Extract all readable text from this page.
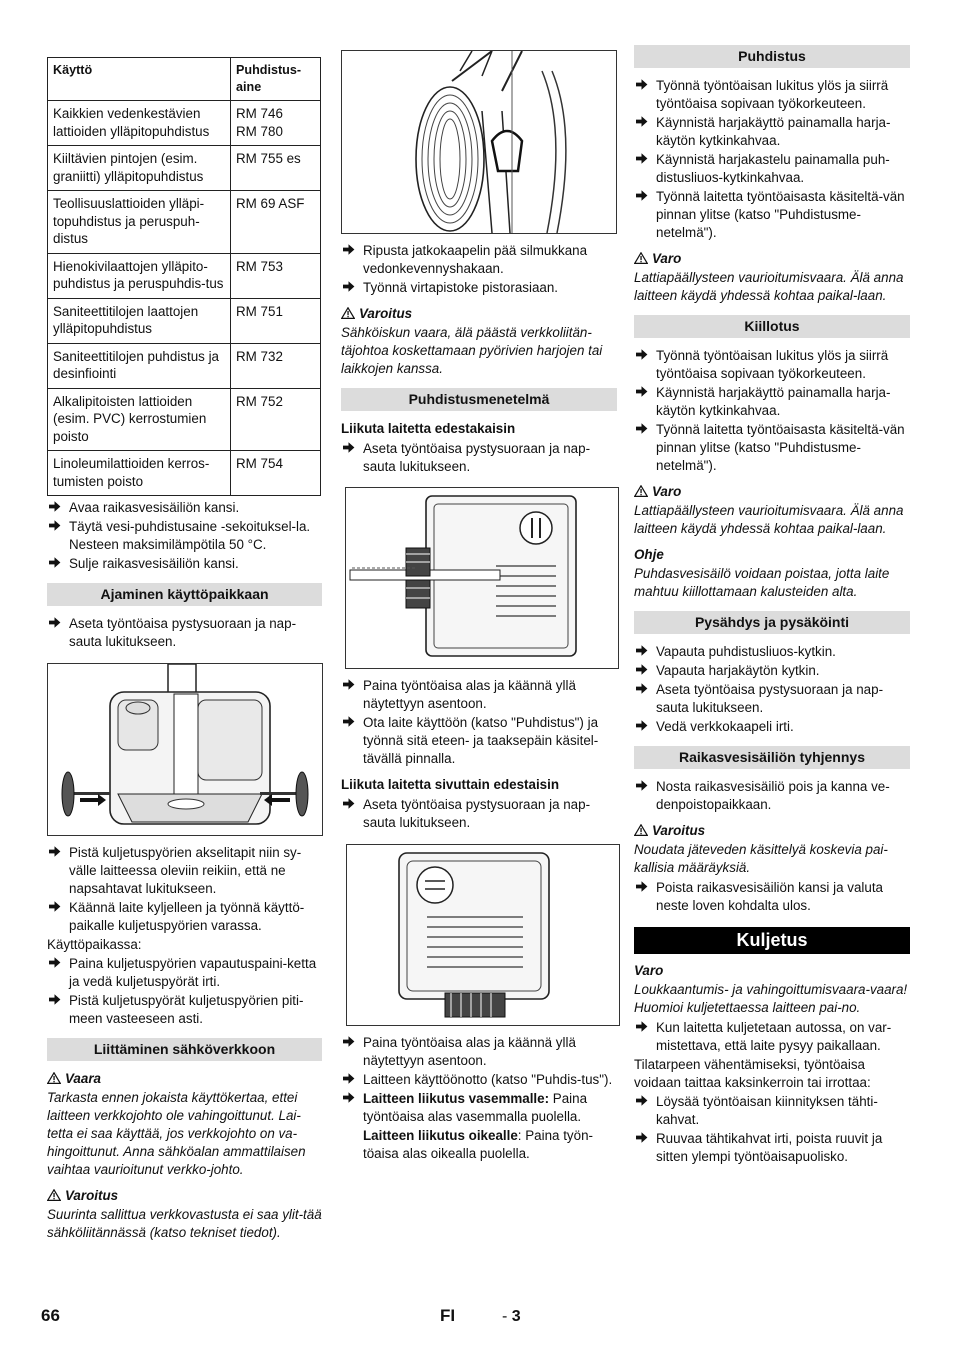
Käyttö	Puhdistus-
aine
Kaikkien vedenkestävien lattioiden ylläpitopuhdistus	RM 746
RM 780
Kiiltävien pintojen (esim. graniitti) ylläpitopuhdistus	RM 755 es
Teollisuuslattioiden ylläpi-topuhdistus ja peruspuh-distus	RM 69 ASF
Hienokivilaattojen ylläpito-puhdistus ja peruspuhdis-tus	RM 753
Saniteettitilojen laattojen ylläpitopuhdistus	RM 751
Saniteettitilojen puhdistus ja desinfiointi	RM 732
Alkalipitoisten lattioiden (esim. PVC) kerrostumien poisto	RM 752
Linoleumilattioiden kerros-tumisten poisto	RM 754
Avaa raikasvesisäiliön kansi.
Täytä vesi-puhdistusaine -sekoituksel-la. Nesteen maksimilämpötila 50 °C.
Sulje raikasvesisäiliön kansi.
Ajaminen käyttöpaikkaan
Aseta työntöaisa pystysuoraan ja nap-sauta lukitukseen.
Pistä kuljetuspyörien akselitapit niin sy-välle laitteessa oleviin reikiin, että ne napsahtavat lukitukseen.
Käännä laite kyljelleen ja työnnä käyttö-paikalle kuljetuspyörien varassa.
Käyttöpaikassa:
Paina kuljetuspyörien vapautuspaini-ketta ja vedä kuljetuspyörät irti.
Pistä kuljetuspyörät kuljetuspyörien piti-meen vasteeseen asti.
Liittäminen sähköverkkoon
Vaara
Tarkasta ennen jokaista käyttökertaa, ettei laitteen verkkojohto ole vahingoittunut. Lai-tetta ei saa käyttää, jos verkkojohto on va-hingoittunut. Anna sähköalan ammattilaisen vaihtaa vaurioitunut verkko-johto.
Varoitus
Suurinta sallittua verkkovastusta ei saa ylit-tää sähköliitännässä (katso tekniset tiedot).
Ripusta jatkokaapelin pää silmukkana vedonkevennyshakaan.
Työnnä virtapistoke pistorasiaan.
Varoitus
Sähköiskun vaara, älä päästä verkkoliitän-täjohtoa koskettamaan pyörivien harjojen tai laikkojen kanssa.
Puhdistusmenetelmä
Liikuta laitetta edestakaisin
Aseta työntöaisa pystysuoraan ja nap-sauta lukitukseen.
Paina työntöaisa alas ja käännä yllä näytettyyn asentoon.
Ota laite käyttöön (katso "Puhdistus") ja työnnä sitä eteen- ja taaksepäin käsitel-tävällä pinnalla.
Liikuta laitetta sivuttain edestaisin
Aseta työntöaisa pystysuoraan ja nap-sauta lukitukseen.
Paina työntöaisa alas ja käännä yllä näytettyyn asentoon.
Laitteen käyttöönotto (katso "Puhdis-tus").
Laitteen liikutus vasemmalle: Paina työntöaisa alas vasemmalla puolella.
Laitteen liikutus oikealle: Paina työn-töaisa alas oikealla puolella.
Puhdistus
Työnnä työntöaisan lukitus ylös ja siirrä työntöaisa sopivaan työkorkeuteen.
Käynnistä harjakäyttö painamalla harja-käytön kytkinkahvaa.
Käynnistä harjakastelu painamalla puh-distusliuos-kytkinkahvaa.
Työnnä laitetta työntöaisasta käsiteltä-vän pinnan ylitse (katso "Puhdistusme-netelmä").
Varo
Lattiapäällysteen vaurioitumisvaara. Älä anna laitteen käydä yhdessä kohtaa paikal-laan.
Kiillotus
Työnnä työntöaisan lukitus ylös ja siirrä työntöaisa sopivaan työkorkeuteen.
Käynnistä harjakäyttö painamalla harja-käytön kytkinkahvaa.
Työnnä laitetta työntöaisasta käsiteltä-vän pinnan ylitse (katso "Puhdistusme-netelmä").
Varo
Lattiapäällysteen vaurioitumisvaara. Älä anna laitteen käydä yhdessä kohtaa paikal-laan.
Ohje
Puhdasvesisäilö voidaan poistaa, jotta laite mahtuu kiillottamaan kalusteiden alta.
Pysähdys ja pysäköinti
Vapauta puhdistusliuos-kytkin.
Vapauta harjakäytön kytkin.
Aseta työntöaisa pystysuoraan ja nap-sauta lukitukseen.
Vedä verkkokaapeli irti.
Raikasvesisäiliön tyhjennys
Nosta raikasvesisäiliö pois ja kanna ve-denpoistopaikkaan.
Varoitus
Noudata jäteveden käsittelyä koskevia pai-kallisia määräyksiä.
Poista raikasvesisäiliön kansi ja valuta neste loven kohdalta ulos.
Kuljetus
Varo
Loukkaantumis- ja vahingoittumisvaara-vaara! Huomioi kuljetettaessa laitteen pai-no.
Kun laitetta kuljetetaan autossa, on var-mistettava, että laite pysyy paikallaan.
Tilatarpeen vähentämiseksi, työntöaisa voidaan taittaa kaksinkerroin tai irrottaa:
Löysää työntöaisan kiinnityksen tähti-kahvat.
Ruuvaa tähtikahvat irti, poista ruuvit ja sitten ylempi työntöaisapuolisko.
66	FI	- 3
